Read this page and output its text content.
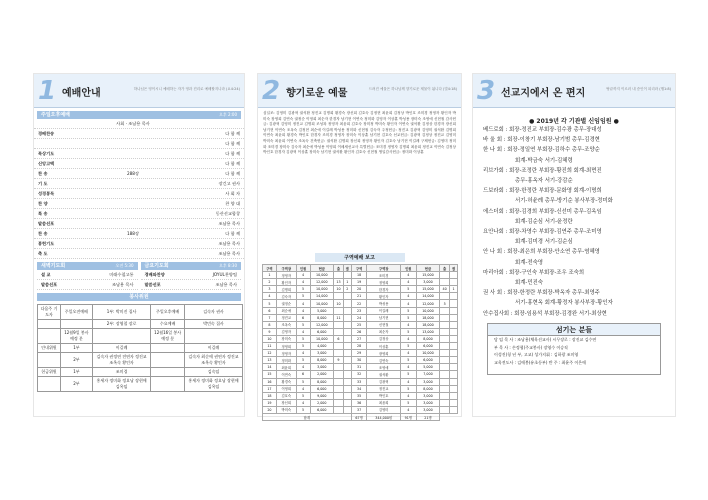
1 예배안내	하나님은 영이시니 예배하는 자가 영과 진리로 예배할지니라 (요4:24)
주일오후예배	오후 2:00
사회 · 조남용 목사
경배찬송	다 함 께
다 함 께
묵상기도	다 함 께
신앙고백	다 함 께
찬 송	288장	다 함 께
기 도	장긴고 권사
성경봉독	사 회 자
찬 양	찬 양 대
특 송	동산선교합창
말씀선포	조남용 목사
찬 송	188장	다 함 께
봉헌기도	조남용 목사
축 도	조남용 목사
새벽기도회	오전 5:30
설 교	미래수첩고통
말씀선포	조남용 목사
금요기도회	오후 8:30
경배와찬양	JOYUL찬양팀
말씀선포	조남용 목사
봉사위원
다음주 기도자	주일오전예배	1부: 박미진 집사	주일오후예배	김숙자 권사
		2부: 장영철 장로	수요예배	박민숙 집사
	12월9일 봉사예정 분		12월16일 봉사예정 분	
안내위원	1부	이길례		이길례
	2부	김숙자 권정연 전연자 정진교 조옥숙 황인자		김숙자 최순애 권연자 정진교 조옥숙 황인자
헌금위원	1부	조미경		김숙임
	2부	홍세자 정미화 정요남 장현애 김옥임		홍세자 정미화 정요남 장현애 김옥임
2 향기로운 예물	드려진 예물은 하나님께 향기로운 제물이 됩니다 (빌4:18)
십일조: 김영미 김광혁 권석환 정진교 김명희 황경숙 장신희 김호숙 김정현 최윤희 김정상 박인호 조미경 정영자 황인자 박미숙 장영희 김연숙 권정순 이영희 최순자 한경자 남기현 이연숙 정미화 김영자 이상훈 박성용 장미숙 조영애 신현철 감사헌금: 김광혁 김영미 정진교 김명희 조성복 정영자 최윤희 김호숙 장미정 박미숙 황인자 이연숙 권석환 김정상 한경자 장신희 남기현 이연숙 조옥숙 김정현 최순애 이길례 박성용 정미화 신현철 김숙자 주정헌금: 정진교 김광혁 김영미 권석환 김명희 이연숙 최윤희 황경숙 박인호 한경자 조미경 정영자 장미숙 이상훈 남기현 김호숙 선교헌금: 김광혁 김정상 정진교 김영미 박미숙 최윤희 이연숙 조옥숙 건축헌금: 권석환 김명희 장신희 정영자 황인자 김호숙 남기현 이길례 구제헌금: 김영미 정미화 조미경 장미숙 김숙자 최순애 박성용 이영희 이메세선교사 특별헌금: 조미경 정영자 김명희 최윤희 정진교 이연숙 김정상 박인호 한경자 김광혁 이상훈 장미숙 남기현 권석환 황인자 김호숙 신현철 생일감사헌금: 정미화 이상훈
구역예배 보고
구역	구역장	인원	헌금	출	결	구역	구역장	인원	헌금	출	결
1	정영자	4	10,000			18	조미경	4	15,000		
2	황인자	4	12,000	13	1	19	정영희	4	3,000		
3	김명희	5	10,000	10	2	20	한경자	5	15,000	40	1
4	김숙자	5	14,000			21	황인자	4	14,000		
5	권정순	4	10,000	10		22	박성용	4	12,000	5	
6	최순애	4	5,000			23	이길례	5	10,000		
7	정진교	6	8,000	11		24	남기현	5	18,000		
8	조옥숙	5	12,000			25	신현철	4	18,000		
9	김영자	4	6,000			26	최순자	5	13,000		
10	장미숙	5	10,000	6		27	김정상	4	8,000		
11	정영희	5	4,000			28	이상훈	5	6,000		
12	정영자	4	3,000			29	장영희	4	10,000		
13	정미화	5	8,000	9		30	김연숙	5	6,000		
14	최윤희	4	3,000			31	조영애	4	5,000		
15	이연숙	6	2,000			32	권석환	5	7,000		
16	황경숙	5	8,000			33	김광혁	4	3,000		
17	이영희	4	6,000			34	정진교	5	8,000		
18	김호숙	5	9,000			35	박인호	4	3,000		
19	장신희	4	2,000			36	최윤희	5	3,000		
20	박미숙	5	6,000			37	김영미	4	3,000		
합계						67명	344,000원	91명	21명		
3 선교지에서 온 편지	땅끝까지 이르러 내 증인이 되리라 (행1:8)
● 2019년 각 기관별 신임임원 ●
베드로회 : 회장-정진교 부회장-김수광 총무-장대성
바 울 회 : 회장-이창기 부회장-남기범 총무-김경현
한 나 회 : 회장-정일연 부회장-김하수 총무-조양순
회계-박금숙 서기-김혜령
리브가회 : 회장-조정란 부회장-황진희 회계-최면진
총무-홍옥자 서기-강감순
드보라회 : 회장-한정란 부회장-문화영 회계-이명희
서기-허윤례 총무-방기순 봉사부장-정미화
에스더회 : 회장-김경희 부회장-신선미 총무-김옥임
회계-김순심 서기-윤정란
요안나회 : 회장-차영수 부회장-김연주 총무-조미영
회계-김미경 서기-김순심
안 나 회 : 회장-최은희 부회장-안소연 총무-염혜영
회계-전숙영
마리아회 : 회장-구인숙 부회장-조우 조숙희
회계-민진숙
권 사 회 : 회장-한정란 부회장-박옥자 총무-최영주
서기-홍현옥 회계-황정자 봉사부장-황인자
안수집사회 : 회장-임용석 부회장-김경완 서기-최상현
섬기는 분들
담 임 목 사 : 조남용(체육선교사) 시무장로 : 장진교 김수연
부 목 사 : 손정협(주교봉사) 장영수 이승직
이성진(청 년 부, 고교) 성가지휘 : 김하광 조미영
교육전도사 : 김애봉(유초등부) 반 주 : 최윤주 이은애
